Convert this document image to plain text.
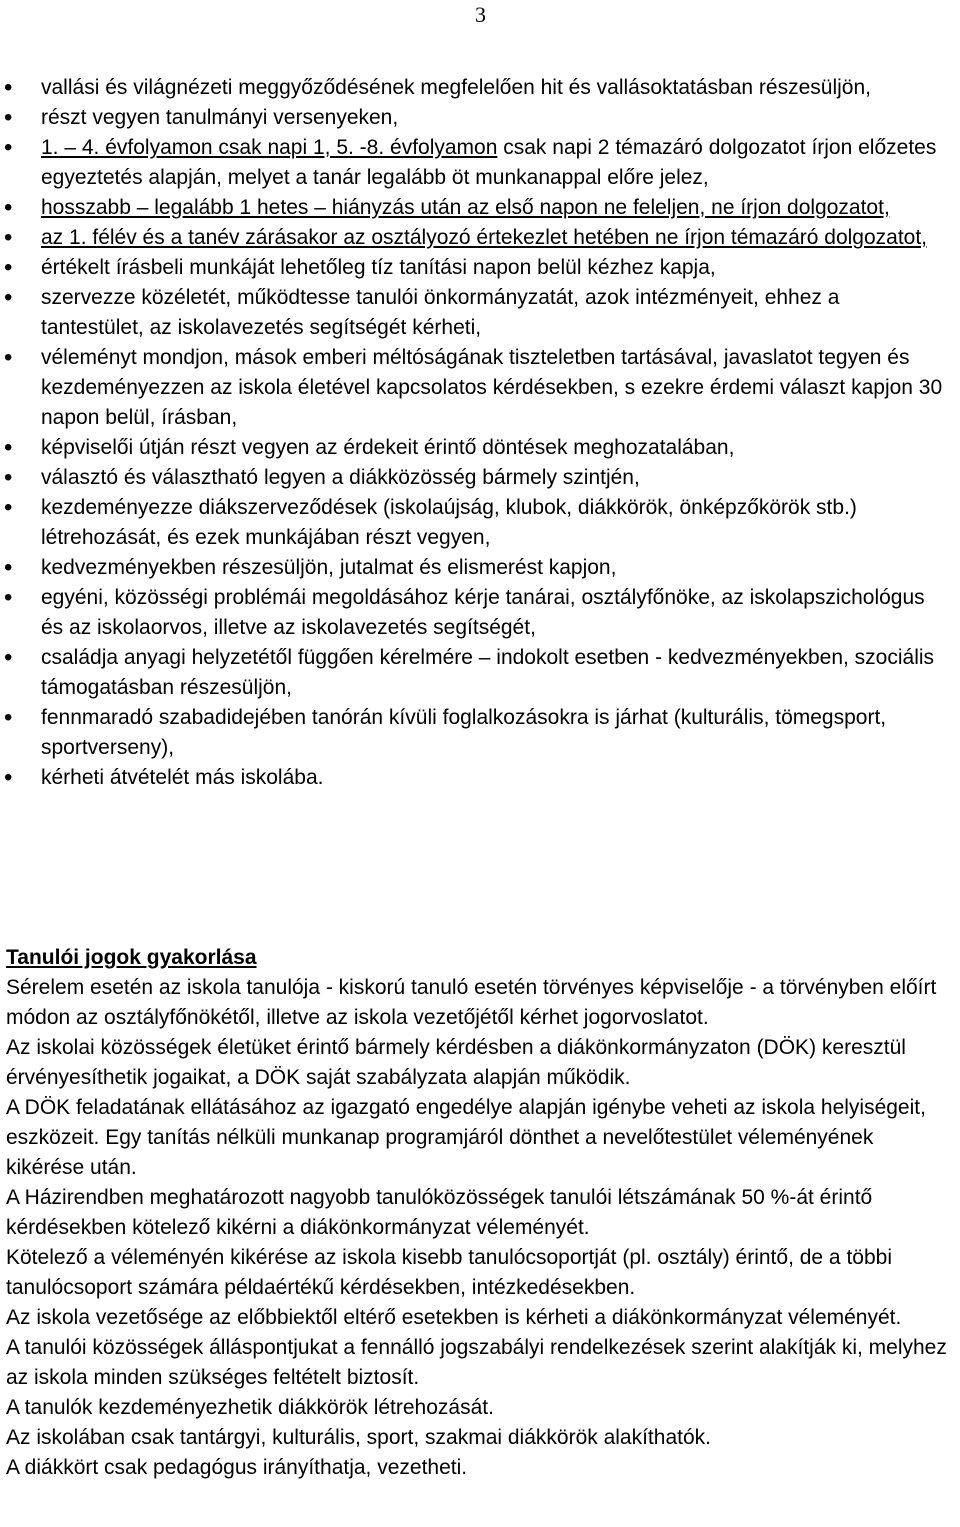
3
• vallási és világnézeti meggyőződésének megfelelően hit és vallásoktatásban részesüljön,
• részt vegyen tanulmányi versenyeken,
• 1. – 4. évfolyamon csak napi 1, 5. -8. évfolyamon csak napi 2 témazáró dolgozatot írjon előzetes egyeztetés alapján, melyet a tanár legalább öt munkanappal előre jelez,
• hosszabb – legalább 1 hetes – hiányzás után az első napon ne feleljen, ne írjon dolgozatot,
• az 1. félév és a tanév zárásakor az osztályozó értekezlet hetében ne írjon témazáró dolgozatot,
• értékelt írásbeli munkáját lehetőleg tíz tanítási napon belül kézhez kapja,
• szervezze közéletét, működtesse tanulói önkormányzatát, azok intézményeit, ehhez a tantestület, az iskolavezetés segítségét kérheti,
• véleményt mondjon, mások emberi méltóságának tiszteletben tartásával, javaslatot tegyen és kezdeményezzen az iskola életével kapcsolatos kérdésekben, s ezekre érdemi választ kapjon 30 napon belül, írásban,
• képviselői útján részt vegyen az érdekeit érintő döntések meghozatalában,
• választó és választható legyen a diákközösség bármely szintjén,
• kezdeményezze diákszerveződések (iskolaújság, klubok, diákkörök, önképzőkörök stb.) létrehozását, és ezek munkájában részt vegyen,
• kedvezményekben részesüljön, jutalmat és elismerést kapjon,
• egyéni, közösségi problémái megoldásához kérje tanárai, osztályfőnöke, az iskolapszichológus és az iskolaorvos, illetve az iskolavezetés segítségét,
• családja anyagi helyzetétől függően kérelmére – indokolt esetben - kedvezményekben, szociális támogatásban részesüljön,
• fennmaradó szabadidejében tanórán kívüli foglalkozásokra is járhat (kulturális, tömegsport, sportverseny),
• kérheti átvételét más iskolába.
Tanulói jogok gyakorlása

Sérelem esetén az iskola tanulója - kiskorú tanuló esetén törvényes képviselője - a törvényben előírt módon az osztályfőnökétől, illetve az iskola vezetőjétől kérhet jogorvoslatot.

Az iskolai közösségek életüket érintő bármely kérdésben a diákönkormányzaton (DÖK) keresztül érvényesíthetik jogaikat, a DÖK saját szabályzata alapján működik.

A DÖK feladatának ellátásához az igazgató engedélye alapján igénybe veheti az iskola helyiségeit, eszközeit. Egy tanítás nélküli munkanap programjáról dönthet a nevelőtestület véleményének kikérése után.

A Házirendben meghatározott nagyobb tanulóközösségek tanulói létszámának 50 %-át érintő kérdésekben kötelező kikérni a diákönkormányzat véleményét.

Kötelező a véleményén kikérése az iskola kisebb tanulócsoportját (pl. osztály) érintő, de a többi tanulócsoport számára példaértékű kérdésekben, intézkedésekben.

Az iskola vezetősége az előbbiektől eltérő esetekben is kérheti a diákönkormányzat véleményét.

A tanulói közösségek álláspontjukat a fennálló jogszabályi rendelkezések szerint alakítják ki, melyhez az iskola minden szükséges feltételt biztosít.

A tanulók kezdeményezhetik diákkörök létrehozását.

Az iskolában csak tantárgyi, kulturális, sport, szakmai diákkörök alakíthatók.

A diákkört csak pedagógus irányíthatja, vezetheti.
